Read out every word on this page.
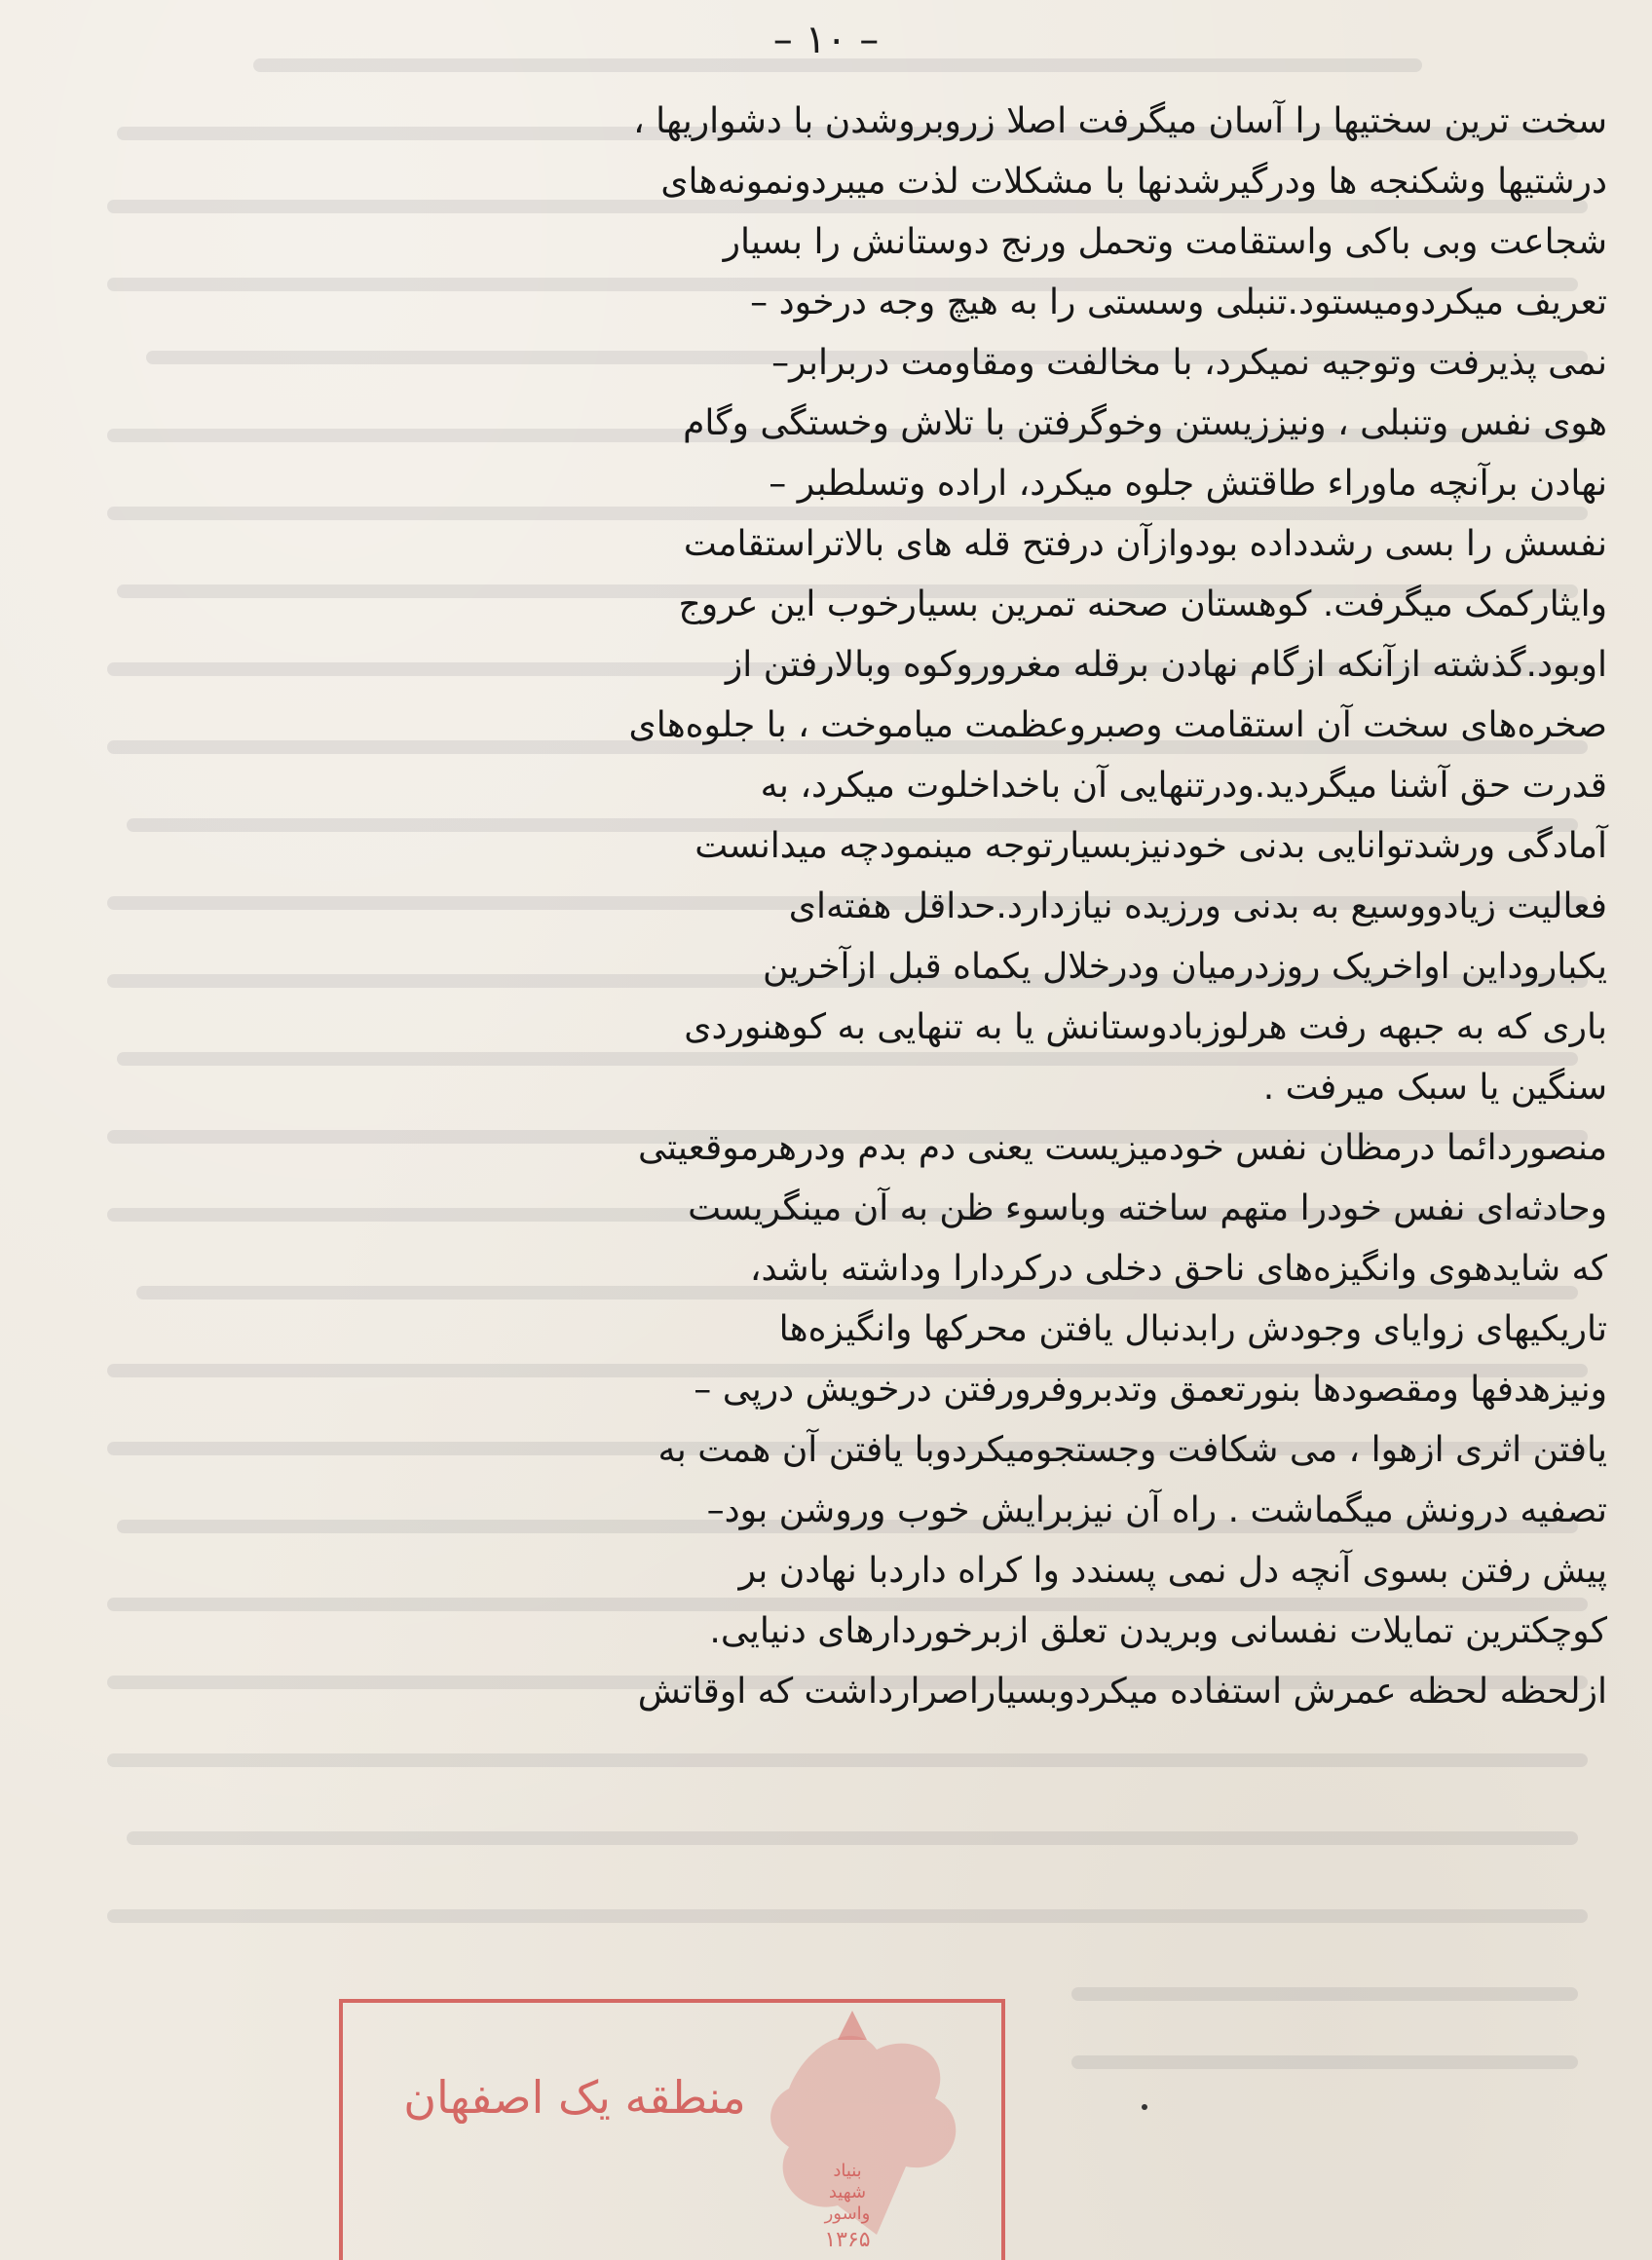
– ۱۰ –
سخت ترین سختیها را آسان میگرفت اصلا زروبروشدن با دشواریها ،
درشتیها وشکنجه ها ودرگیرشدنها با مشکلات لذت میبردونمونه‌های
شجاعت وبی باکی واستقامت وتحمل ورنج دوستانش را بسیار
تعریف میکردومیستود.تنبلی وسستی را به هیچ وجه درخود –
نمی پذیرفت وتوجیه نمیکرد، با مخالفت ومقاومت دربرابر–
هوی نفس وتنبلی ، ونیززیستن وخوگرفتن با تلاش وخستگی وگام
نهادن برآنچه ماوراء طاقتش جلوه میکرد، اراده وتسلطبر –
نفسش را بسی رشدداده بودوازآن درفتح قله های بالاتراستقامت
وایثارکمک میگرفت. کوهستان صحنه تمرین بسیارخوب این عروج
اوبود.گذشته ازآنکه ازگام نهادن برقله مغروروکوه وبالارفتن از
صخره‌های سخت آن استقامت وصبروعظمت میاموخت ، با جلوه‌های
قدرت حق آشنا میگردید.ودرتنهایی آن باخداخلوت میکرد، به
آمادگی ورشدتوانایی بدنی خودنیزبسیارتوجه مینمودچه میدانست
فعالیت زیادووسیع به بدنی ورزیده نیازدارد.حداقل هفته‌ای
یکباروداین اواخریک روزدرمیان ودرخلال یکماه قبل ازآخرین
باری که به جبهه رفت هرلوزبادوستانش یا به تنهایی به کوهنوردی
سنگین یا سبک میرفت .
منصوردائما درمظان نفس خودمیزیست یعنی دم بدم ودرهرموقعیتی
وحادثه‌ای نفس خودرا متهم ساخته وباسوء ظن به آن مینگریست
که شایدهوی وانگیزه‌های ناحق دخلی درکردارا وداشته باشد،
تاریکیهای زوایای وجودش رابدنبال یافتن محرکها وانگیزه‌ها
ونیزهدفها ومقصودها بنورتعمق وتدبروفرورفتن درخویش درپی –
یافتن اثری ازهوا ، می شکافت وجستجومیکردوبا یافتن آن همت به
تصفیه درونش میگماشت . راه آن نیزبرایش خوب وروشن بود–
پیش رفتن بسوی آنچه دل نمی پسندد وا کراه داردبا نهادن بر
کوچکترین تمایلات نفسانی وبریدن تعلق ازبرخوردارهای دنیایی.
ازلحظه لحظه عمرش استفاده میکردوبسیاراصرارداشت که اوقاتش
منطقه یک اصفهان
بنیاد
شهید
واسور
۱۳۶۵
